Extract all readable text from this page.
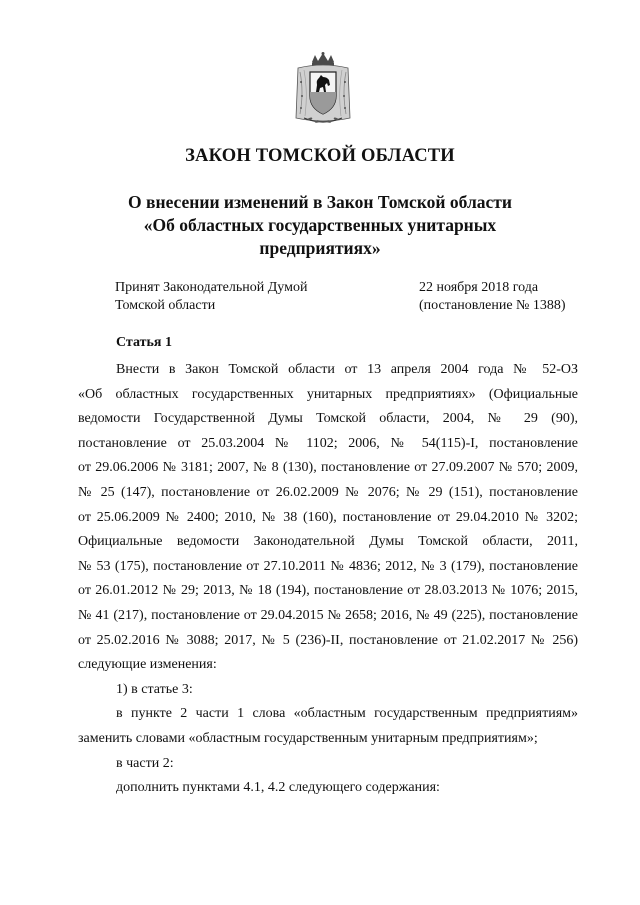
ЗАКОН ТОМСКОЙ ОБЛАСТИ
О внесении изменений в Закон Томской области
«Об областных государственных унитарных
предприятиях»
Принят Законодательной Думой
Томской области
22 ноября 2018 года
(постановление № 1388)
Статья 1
Внести в Закон Томской области от 13 апреля 2004 года № 52-ОЗ
«Об областных государственных унитарных предприятиях» (Официальные
ведомости Государственной Думы Томской области, 2004, № 29 (90),
постановление от 25.03.2004 № 1102; 2006, № 54(115)-I, постановление
от 29.06.2006 № 3181; 2007, № 8 (130), постановление от 27.09.2007 № 570; 2009,
№ 25 (147), постановление от 26.02.2009 № 2076; № 29 (151), постановление
от 25.06.2009 № 2400; 2010, № 38 (160), постановление от 29.04.2010 № 3202;
Официальные ведомости Законодательной Думы Томской области, 2011,
№ 53 (175), постановление от 27.10.2011 № 4836; 2012, № 3 (179), постановление
от 26.01.2012 № 29; 2013, № 18 (194), постановление от 28.03.2013 № 1076; 2015,
№ 41 (217), постановление от 29.04.2015 № 2658; 2016, № 49 (225), постановление
от 25.02.2016 № 3088; 2017, № 5 (236)-II, постановление от 21.02.2017 № 256)
следующие изменения:
1) в статье 3:
в пункте 2 части 1 слова «областным государственным предприятиям»
заменить словами «областным государственным унитарным предприятиям»;
в части 2:
дополнить пунктами 4.1, 4.2 следующего содержания:
